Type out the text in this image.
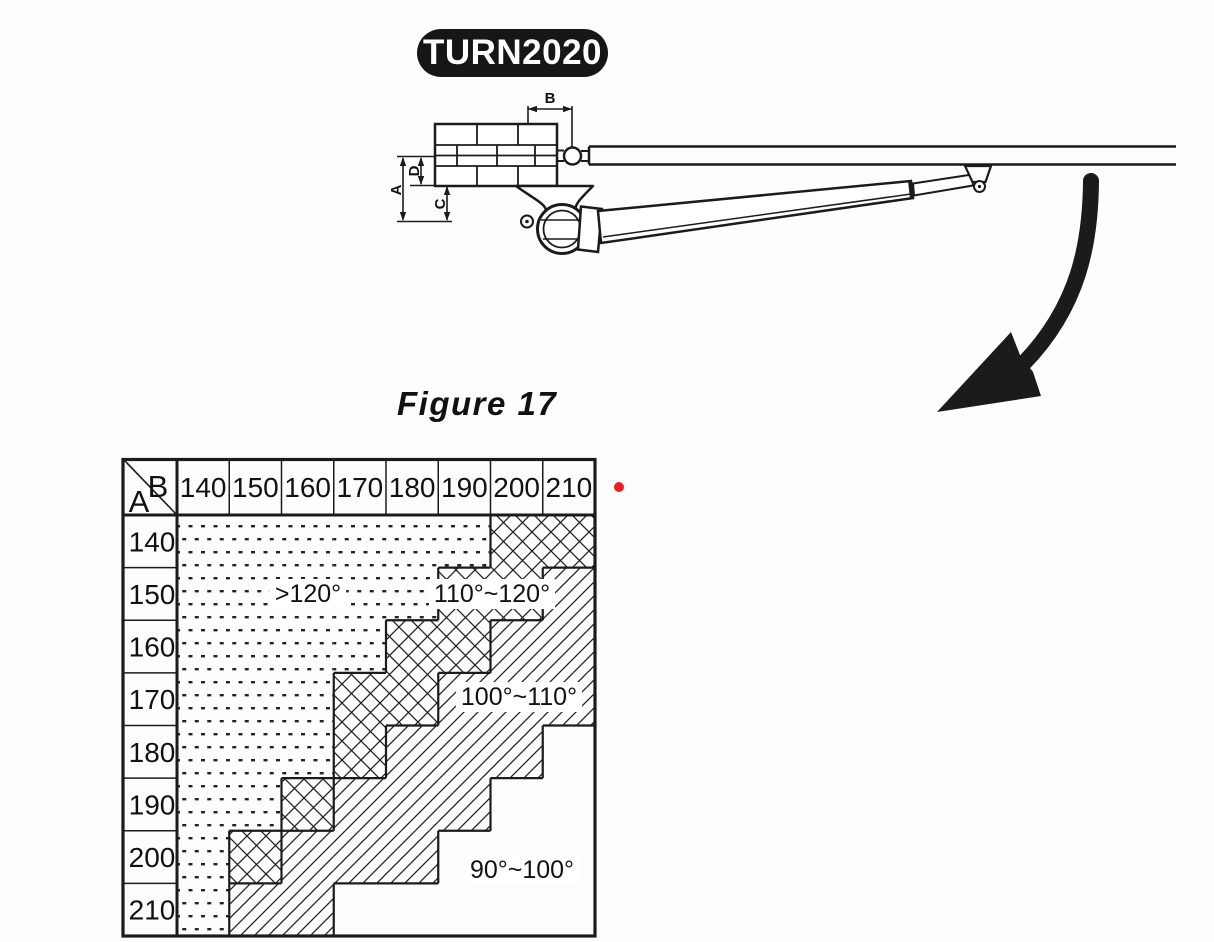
TURN2020
Figure 17
B
A
D
C
140 150 160 170 180 190 200 210
140
150
160
170
180
190
200
210
>120°	110°~120°
100°~110°
90°~100°
B
A
